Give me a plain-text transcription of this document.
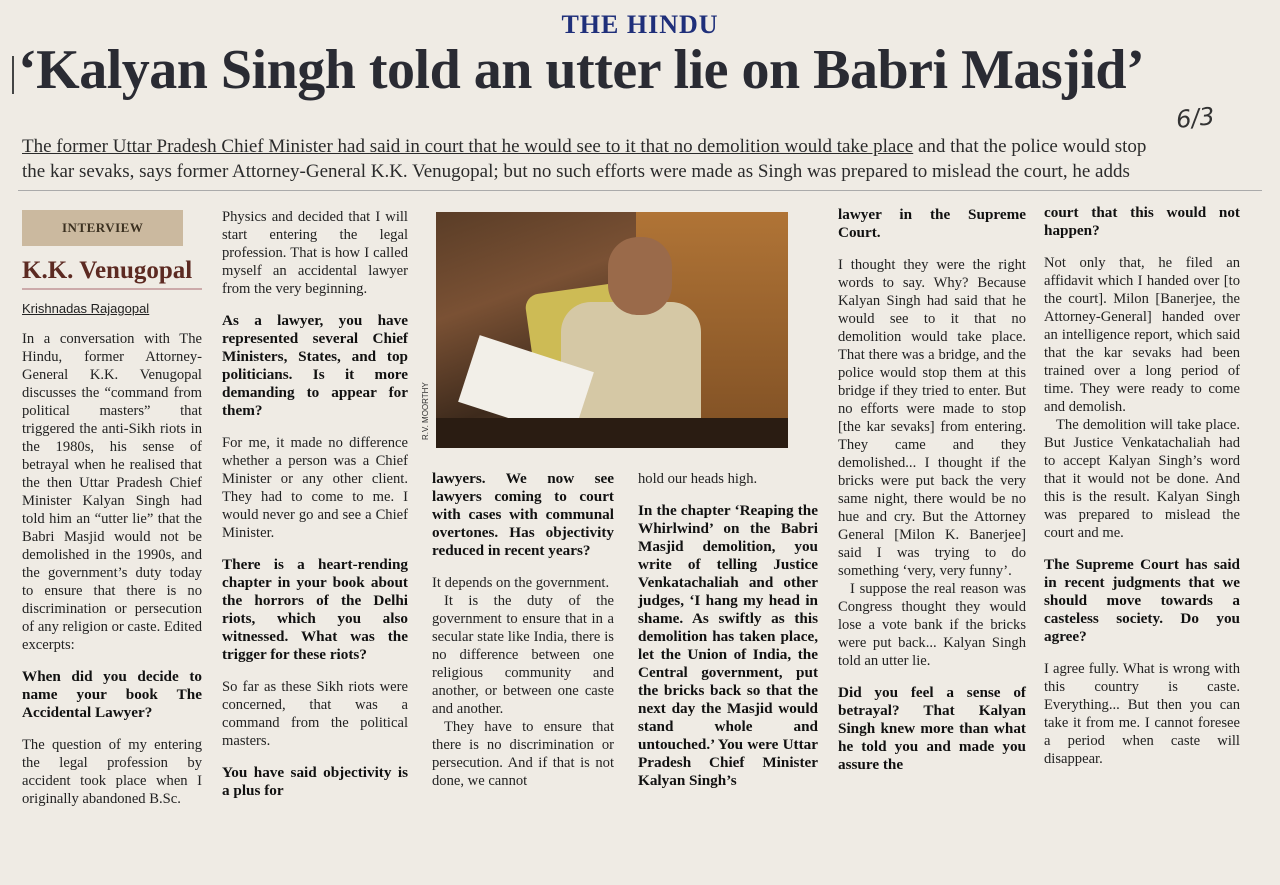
THE HINDU
‘Kalyan Singh told an utter lie on Babri Masjid’
6/3

The former Uttar Pradesh Chief Minister had said in court that he would see to it that no demolition would take place and that the police would stop

the kar sevaks, says former Attorney-General K.K. Venugopal; but no such efforts were made as Singh was prepared to mislead the court, he adds

INTERVIEW
K.K. Venugopal
Krishnadas Rajagopal

In a conversation with The Hindu, former Attorney-General K.K. Venugopal discusses the “command from political masters” that triggered the anti-Sikh riots in the 1980s, his sense of betrayal when he realised that the then Uttar Pradesh Chief Minister Kalyan Singh had told him an “utter lie” that the Babri Masjid would not be demolished in the 1990s, and the government’s duty today to ensure that there is no discrimination or persecution of any religion or caste. Edited excerpts:

When did you decide to name your book The Accidental Lawyer?

The question of my entering the legal profession by accident took place when I originally abandoned B.Sc.

Physics and decided that I will start entering the legal profession. That is how I called myself an accidental lawyer from the very beginning.

As a lawyer, you have represented several Chief Ministers, States, and top politicians. Is it more demanding to appear for them?

For me, it made no difference whether a person was a Chief Minister or any other client. They had to come to me. I would never go and see a Chief Minister.

There is a heart-rending chapter in your book about the horrors of the Delhi riots, which you also witnessed. What was the trigger for these riots?

So far as these Sikh riots were concerned, that was a command from the political masters.

You have said objectivity is a plus for

R.V. MOORTHY

lawyers. We now see lawyers coming to court with cases with communal overtones. Has objectivity reduced in recent years?

It depends on the government.

It is the duty of the government to ensure that in a secular state like India, there is no difference between one religious community and another, or between one caste and another.

They have to ensure that there is no discrimination or persecution. And if that is not done, we cannot

hold our heads high.

In the chapter ‘Reaping the Whirlwind’ on the Babri Masjid demolition, you write of telling Justice Venkatachaliah and other judges, ‘I hang my head in shame. As swiftly as this demolition has taken place, let the Union of India, the Central government, put the bricks back so that the next day the Masjid would stand whole and untouched.’ You were Uttar Pradesh Chief Minister Kalyan Singh’s

lawyer in the Supreme Court.

I thought they were the right words to say. Why? Because Kalyan Singh had said that he would see to it that no demolition would take place. That there was a bridge, and the police would stop them at this bridge if they tried to enter. But no efforts were made to stop [the kar sevaks] from entering. They came and they demolished... I thought if the bricks were put back the very same night, there would be no hue and cry. But the Attorney General [Milon K. Banerjee] said I was trying to do something ‘very, very funny’.

I suppose the real reason was Congress thought they would lose a vote bank if the bricks were put back... Kalyan Singh told an utter lie.

Did you feel a sense of betrayal? That Kalyan Singh knew more than what he told you and made you assure the

court that this would not happen?

Not only that, he filed an affidavit which I handed over [to the court]. Milon [Banerjee, the Attorney-General] handed over an intelligence report, which said that the kar sevaks had been trained over a long period of time. They were ready to come and demolish.

The demolition will take place. But Justice Venkatachaliah had to accept Kalyan Singh’s word that it would not be done. And this is the result. Kalyan Singh was prepared to mislead the court and me.

The Supreme Court has said in recent judgments that we should move towards a casteless society. Do you agree?

I agree fully. What is wrong with this country is caste. Everything... But then you can take it from me. I cannot foresee a period when caste will disappear.
